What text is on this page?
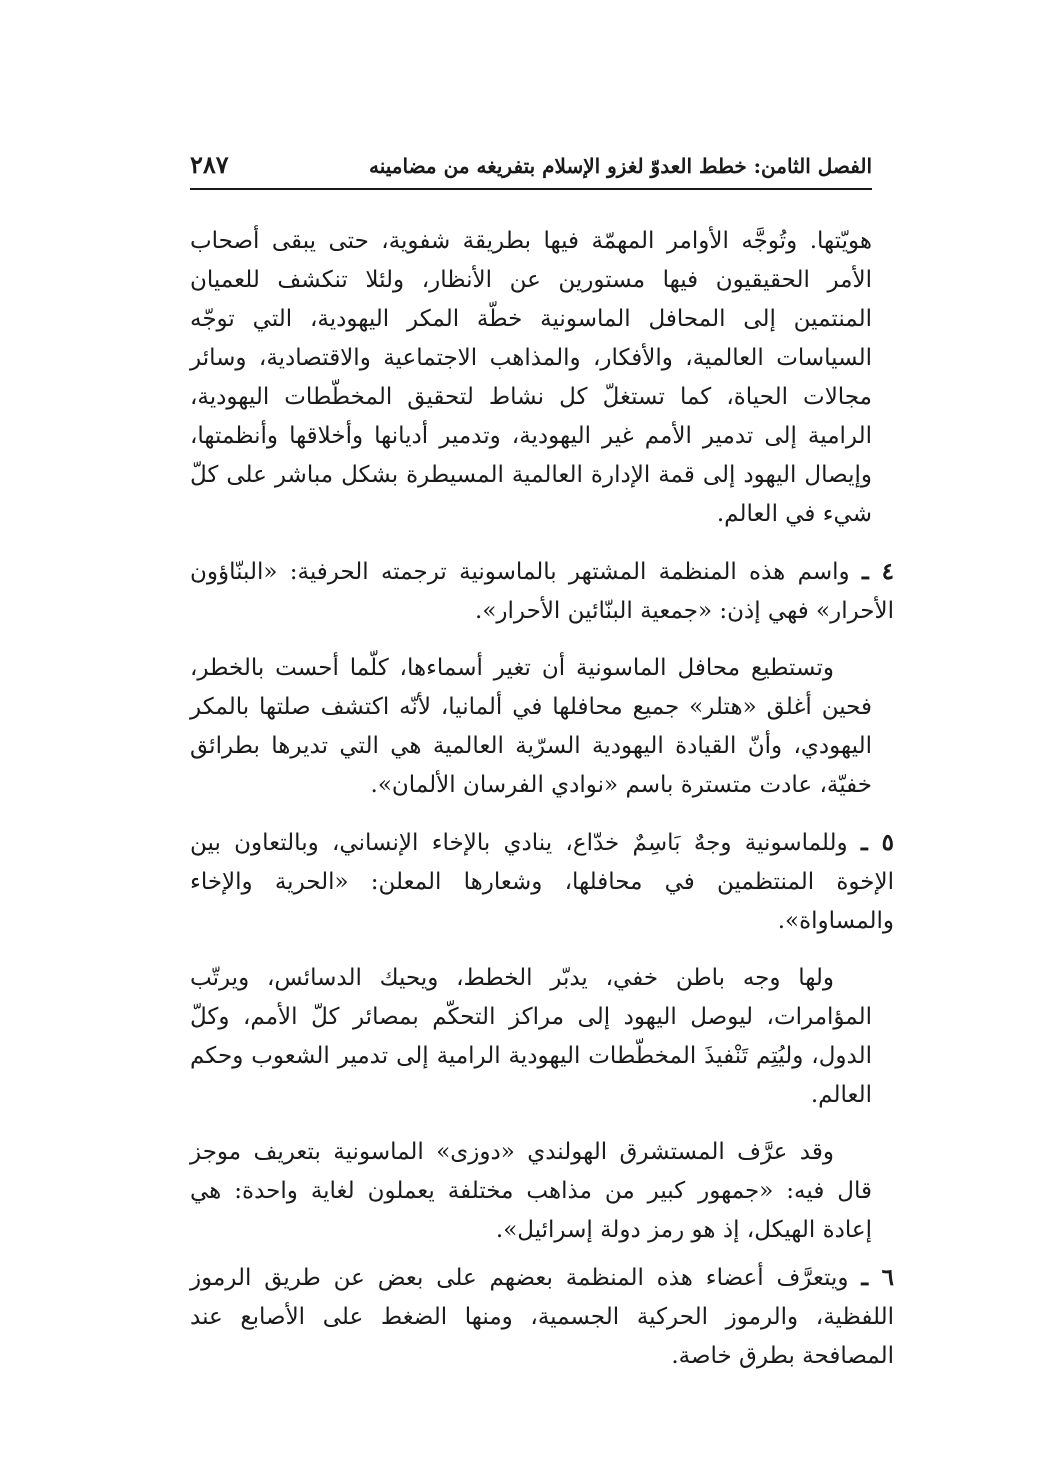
الفصل الثامن: خطط العدوّ لغزو الإسلام بتفريغه من مضامينه
٢٨٧

هويّتها. وتُوجَّه الأوامر المهمّة فيها بطريقة شفوية، حتى يبقى أصحاب الأمر الحقيقيون فيها مستورين عن الأنظار، ولئلا تنكشف للعميان المنتمين إلى المحافل الماسونية خطّة المكر اليهودية، التي توجّه السياسات العالمية، والأفكار، والمذاهب الاجتماعية والاقتصادية، وسائر مجالات الحياة، كما تستغلّ كل نشاط لتحقيق المخطّطات اليهودية، الرامية إلى تدمير الأمم غير اليهودية، وتدمير أديانها وأخلاقها وأنظمتها، وإيصال اليهود إلى قمة الإدارة العالمية المسيطرة بشكل مباشر على كلّ شيء في العالم.

٤ ـ واسم هذه المنظمة المشتهر بالماسونية ترجمته الحرفية: «البنّاؤون الأحرار» فهي إذن: «جمعية البنّائين الأحرار».

وتستطيع محافل الماسونية أن تغير أسماءها، كلّما أحست بالخطر، فحين أغلق «هتلر» جميع محافلها في ألمانيا، لأنّه اكتشف صلتها بالمكر اليهودي، وأنّ القيادة اليهودية السرّية العالمية هي التي تديرها بطرائق خفيّة، عادت متسترة باسم «نوادي الفرسان الألمان».

٥ ـ وللماسونية وجهٌ بَاسِمٌ خدّاع، ينادي بالإخاء الإنساني، وبالتعاون بين الإخوة المنتظمين في محافلها، وشعارها المعلن: «الحرية والإخاء والمساواة».

ولها وجه باطن خفي، يدبّر الخطط، ويحيك الدسائس، ويرتّب المؤامرات، ليوصل اليهود إلى مراكز التحكّم بمصائر كلّ الأمم، وكلّ الدول، وليُتِم تَنْفيذَ المخطّطات اليهودية الرامية إلى تدمير الشعوب وحكم العالم.

وقد عرَّف المستشرق الهولندي «دوزى» الماسونية بتعريف موجز قال فيه: «جمهور كبير من مذاهب مختلفة يعملون لغاية واحدة: هي إعادة الهيكل، إذ هو رمز دولة إسرائيل».

٦ ـ ويتعرَّف أعضاء هذه المنظمة بعضهم على بعض عن طريق الرموز اللفظية، والرموز الحركية الجسمية، ومنها الضغط على الأصابع عند المصافحة بطرق خاصة.
